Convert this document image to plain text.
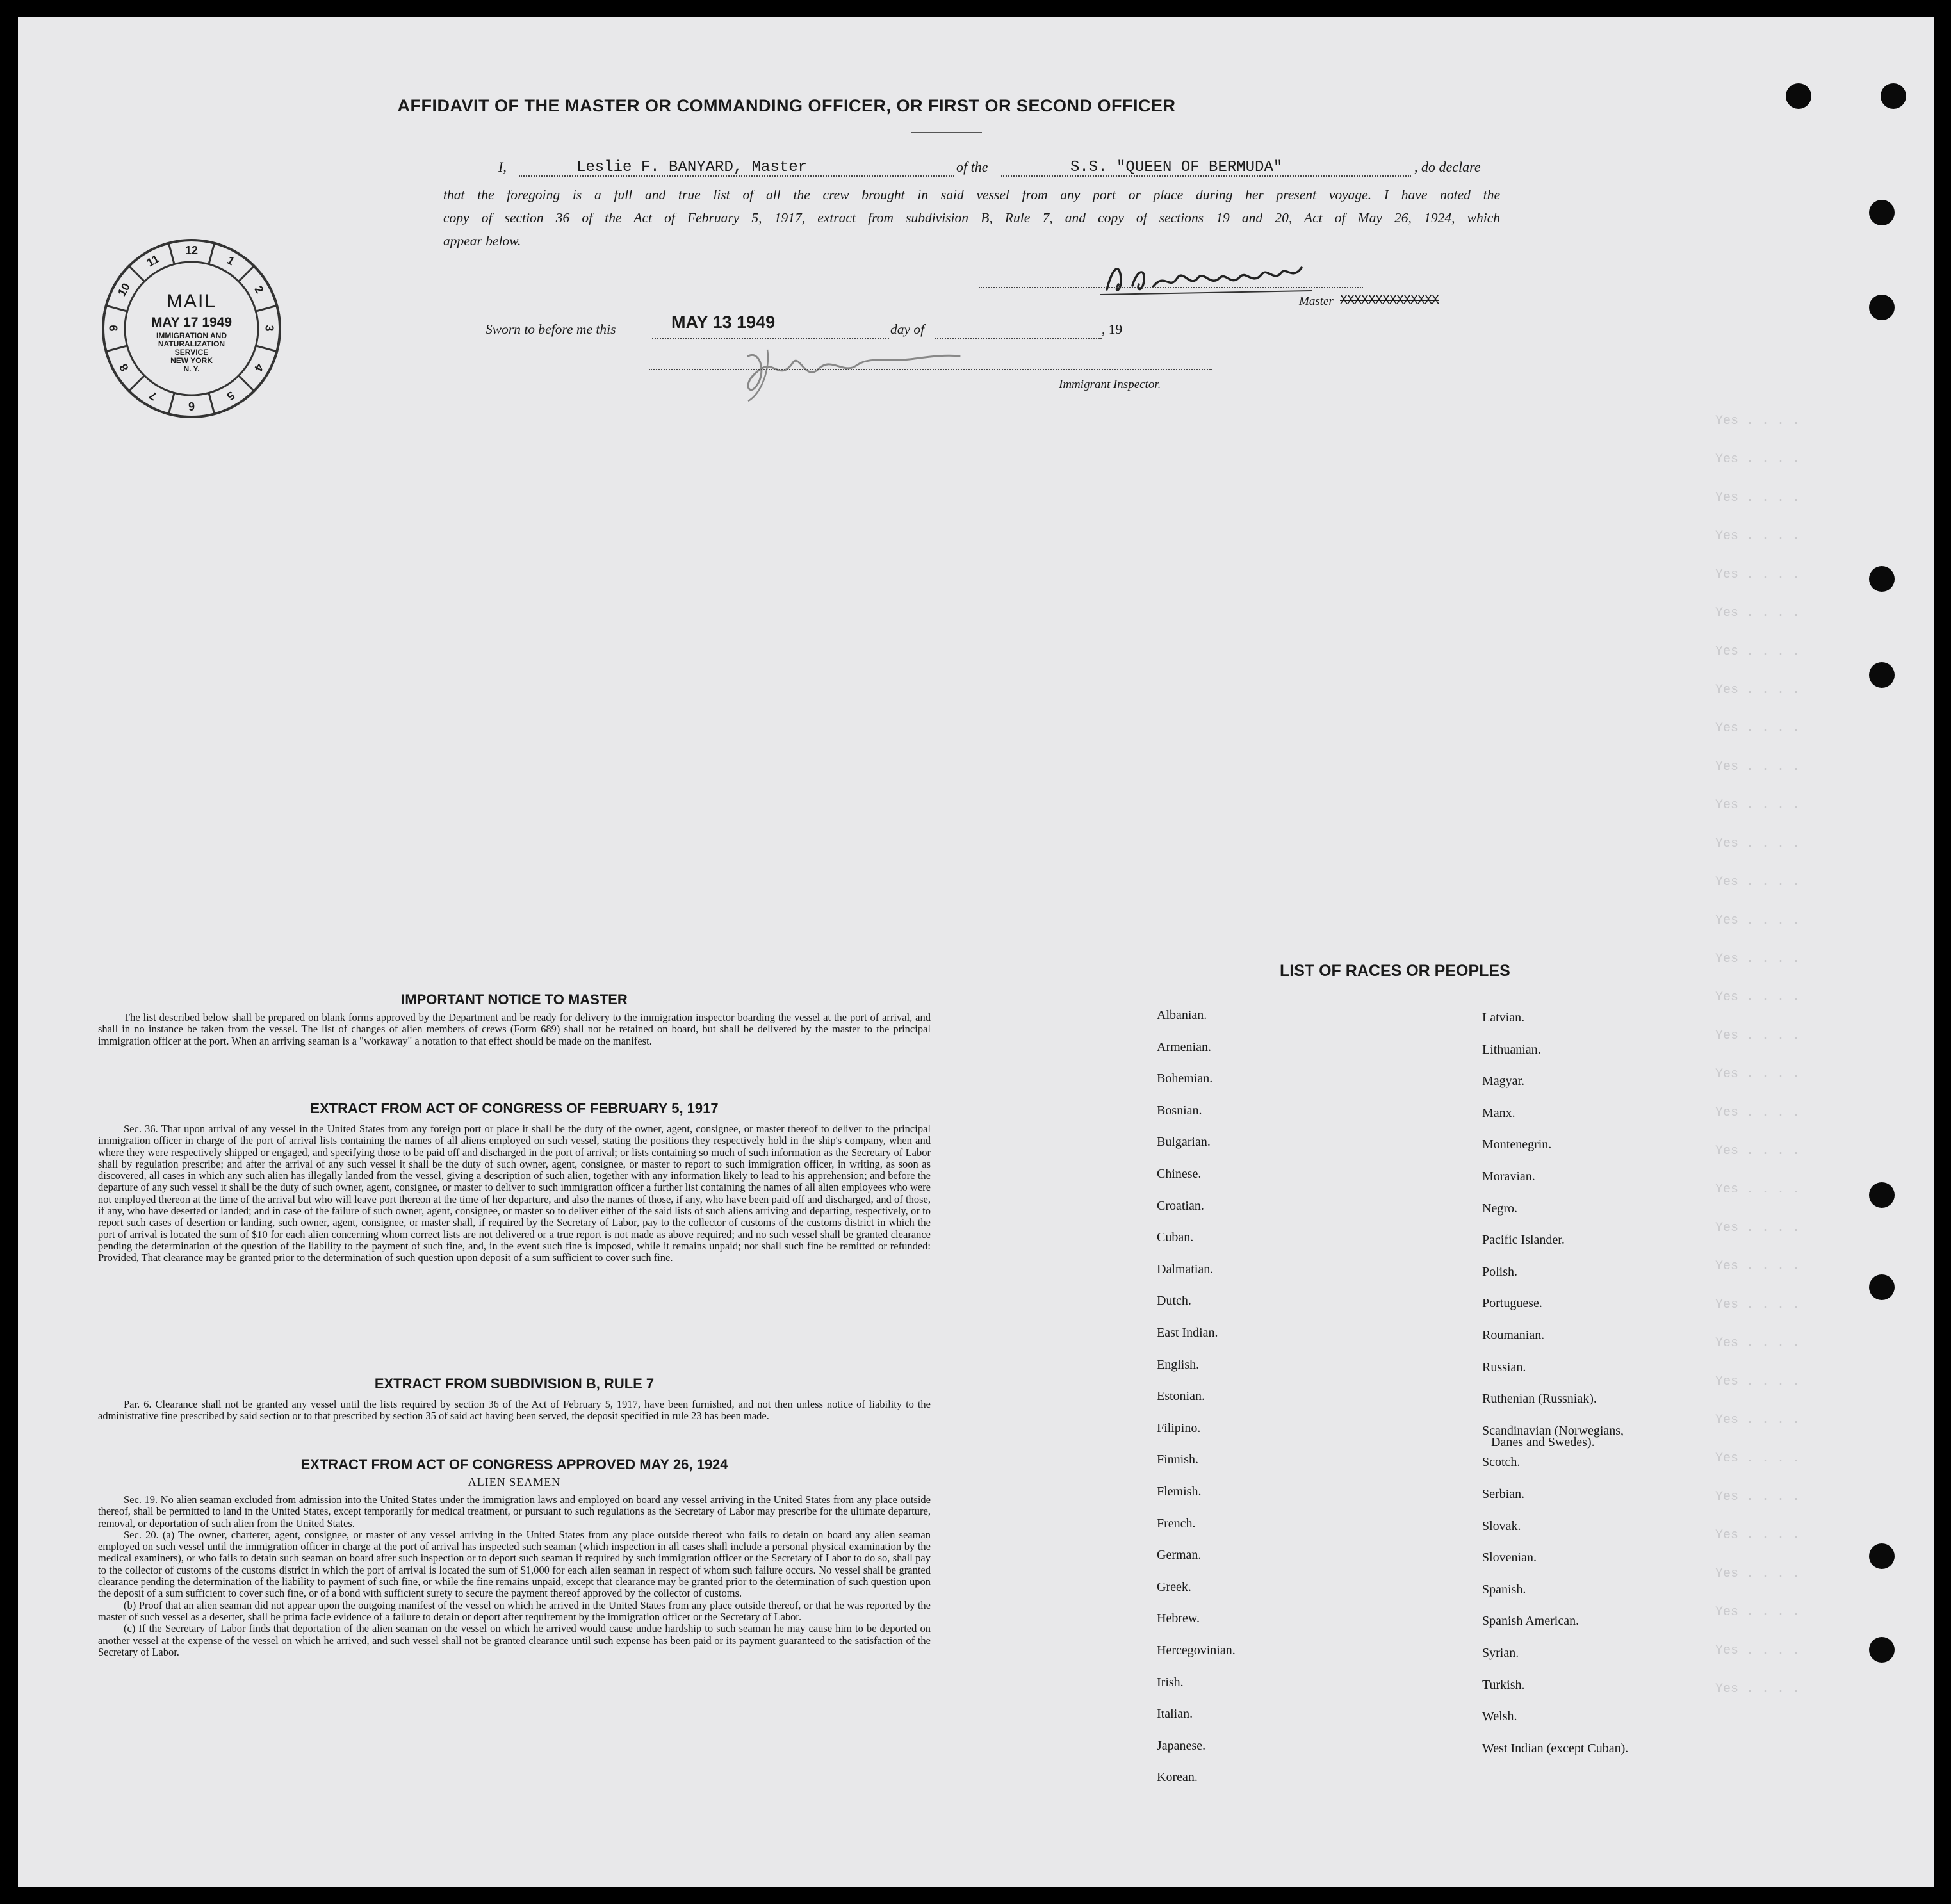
Yes . . . .
Yes . . . .
Yes . . . .
Yes . . . .
Yes . . . .
Yes . . . .
Yes . . . .
Yes . . . .
Yes . . . .
Yes . . . .
Yes . . . .
Yes . . . .
Yes . . . .
Yes . . . .
Yes . . . .
Yes . . . .
Yes . . . .
Yes . . . .
Yes . . . .
Yes . . . .
Yes . . . .
Yes . . . .
Yes . . . .
Yes . . . .
Yes . . . .
Yes . . . .
Yes . . . .
Yes . . . .
Yes . . . .
Yes . . . .
Yes . . . .
Yes . . . .
Yes . . . .
Yes . . . .
AFFIDAVIT OF THE MASTER OR COMMANDING OFFICER, OR FIRST OR SECOND OFFICER
I,	Leslie F. BANYARD, Master	of the	S.S. "QUEEN OF BERMUDA"	, do declare
that the foregoing is a full and true list of all the crew brought in said vessel from any port or place during her present voyage. I have noted the
copy of section 36 of the Act of February 5, 1917, extract from subdivision B, Rule 7, and copy of sections 19 and 20, Act of May 26, 1924, which
appear below.
Master XXXXXXXXXXXXXX
Sworn to before me this	MAY 13 1949	day of	, 19
Immigrant Inspector.
12
1
2
3
4
5
6
7
8
9
10
11
MAIL
MAY 17 1949
IMMIGRATION AND
NATURALIZATION
SERVICE
NEW YORK
N. Y.
IMPORTANT NOTICE TO MASTER

The list described below shall be prepared on blank forms approved by the Department and be ready for delivery to the immigration inspector boarding the vessel at the port of arrival, and shall in no instance be taken from the vessel. The list of changes of alien members of crews (Form 689) shall not be retained on board, but shall be delivered by the master to the principal immigration officer at the port. When an arriving seaman is a "workaway" a notation to that effect should be made on the manifest.

EXTRACT FROM ACT OF CONGRESS OF FEBRUARY 5, 1917

Sec. 36. That upon arrival of any vessel in the United States from any foreign port or place it shall be the duty of the owner, agent, consignee, or master thereof to deliver to the principal immigration officer in charge of the port of arrival lists containing the names of all aliens employed on such vessel, stating the positions they respectively hold in the ship's company, when and where they were respectively shipped or engaged, and specifying those to be paid off and discharged in the port of arrival; or lists containing so much of such information as the Secretary of Labor shall by regulation prescribe; and after the arrival of any such vessel it shall be the duty of such owner, agent, consignee, or master to report to such immigration officer, in writing, as soon as discovered, all cases in which any such alien has illegally landed from the vessel, giving a description of such alien, together with any information likely to lead to his apprehension; and before the departure of any such vessel it shall be the duty of such owner, agent, consignee, or master to deliver to such immigration officer a further list containing the names of all alien employees who were not employed thereon at the time of the arrival but who will leave port thereon at the time of her departure, and also the names of those, if any, who have been paid off and discharged, and of those, if any, who have deserted or landed; and in case of the failure of such owner, agent, consignee, or master so to deliver either of the said lists of such aliens arriving and departing, respectively, or to report such cases of desertion or landing, such owner, agent, consignee, or master shall, if required by the Secretary of Labor, pay to the collector of customs of the customs district in which the port of arrival is located the sum of $10 for each alien concerning whom correct lists are not delivered or a true report is not made as above required; and no such vessel shall be granted clearance pending the determination of the question of the liability to the payment of such fine, and, in the event such fine is imposed, while it remains unpaid; nor shall such fine be remitted or refunded: Provided, That clearance may be granted prior to the determination of such question upon deposit of a sum sufficient to cover such fine.

EXTRACT FROM SUBDIVISION B, RULE 7

Par. 6. Clearance shall not be granted any vessel until the lists required by section 36 of the Act of February 5, 1917, have been furnished, and not then unless notice of liability to the administrative fine prescribed by said section or to that prescribed by section 35 of said act having been served, the deposit specified in rule 23 has been made.

EXTRACT FROM ACT OF CONGRESS APPROVED MAY 26, 1924
ALIEN SEAMEN

Sec. 19. No alien seaman excluded from admission into the United States under the immigration laws and employed on board any vessel arriving in the United States from any place outside thereof, shall be permitted to land in the United States, except temporarily for medical treatment, or pursuant to such regulations as the Secretary of Labor may prescribe for the ultimate departure, removal, or deportation of such alien from the United States.

Sec. 20. (a) The owner, charterer, agent, consignee, or master of any vessel arriving in the United States from any place outside thereof who fails to detain on board any alien seaman employed on such vessel until the immigration officer in charge at the port of arrival has inspected such seaman (which inspection in all cases shall include a personal physical examination by the medical examiners), or who fails to detain such seaman on board after such inspection or to deport such seaman if required by such immigration officer or the Secretary of Labor to do so, shall pay to the collector of customs of the customs district in which the port of arrival is located the sum of $1,000 for each alien seaman in respect of whom such failure occurs. No vessel shall be granted clearance pending the determination of the liability to payment of such fine, or while the fine remains unpaid, except that clearance may be granted prior to the determination of such question upon the deposit of a sum sufficient to cover such fine, or of a bond with sufficient surety to secure the payment thereof approved by the collector of customs.

(b) Proof that an alien seaman did not appear upon the outgoing manifest of the vessel on which he arrived in the United States from any place outside thereof, or that he was reported by the master of such vessel as a deserter, shall be prima facie evidence of a failure to detain or deport after requirement by the immigration officer or the Secretary of Labor.

(c) If the Secretary of Labor finds that deportation of the alien seaman on the vessel on which he arrived would cause undue hardship to such seaman he may cause him to be deported on another vessel at the expense of the vessel on which he arrived, and such vessel shall not be granted clearance until such expense has been paid or its payment guaranteed to the satisfaction of the Secretary of Labor.

LIST OF RACES OR PEOPLES
Albanian.
Armenian.
Bohemian.
Bosnian.
Bulgarian.
Chinese.
Croatian.
Cuban.
Dalmatian.
Dutch.
East Indian.
English.
Estonian.
Filipino.
Finnish.
Flemish.
French.
German.
Greek.
Hebrew.
Hercegovinian.
Irish.
Italian.
Japanese.
Korean.
Latvian.
Lithuanian.
Magyar.
Manx.
Montenegrin.
Moravian.
Negro.
Pacific Islander.
Polish.
Portuguese.
Roumanian.
Russian.
Ruthenian (Russniak).
Scandinavian (Norwegians,
Danes and Swedes).
Scotch.
Serbian.
Slovak.
Slovenian.
Spanish.
Spanish American.
Syrian.
Turkish.
Welsh.
West Indian (except Cuban).
